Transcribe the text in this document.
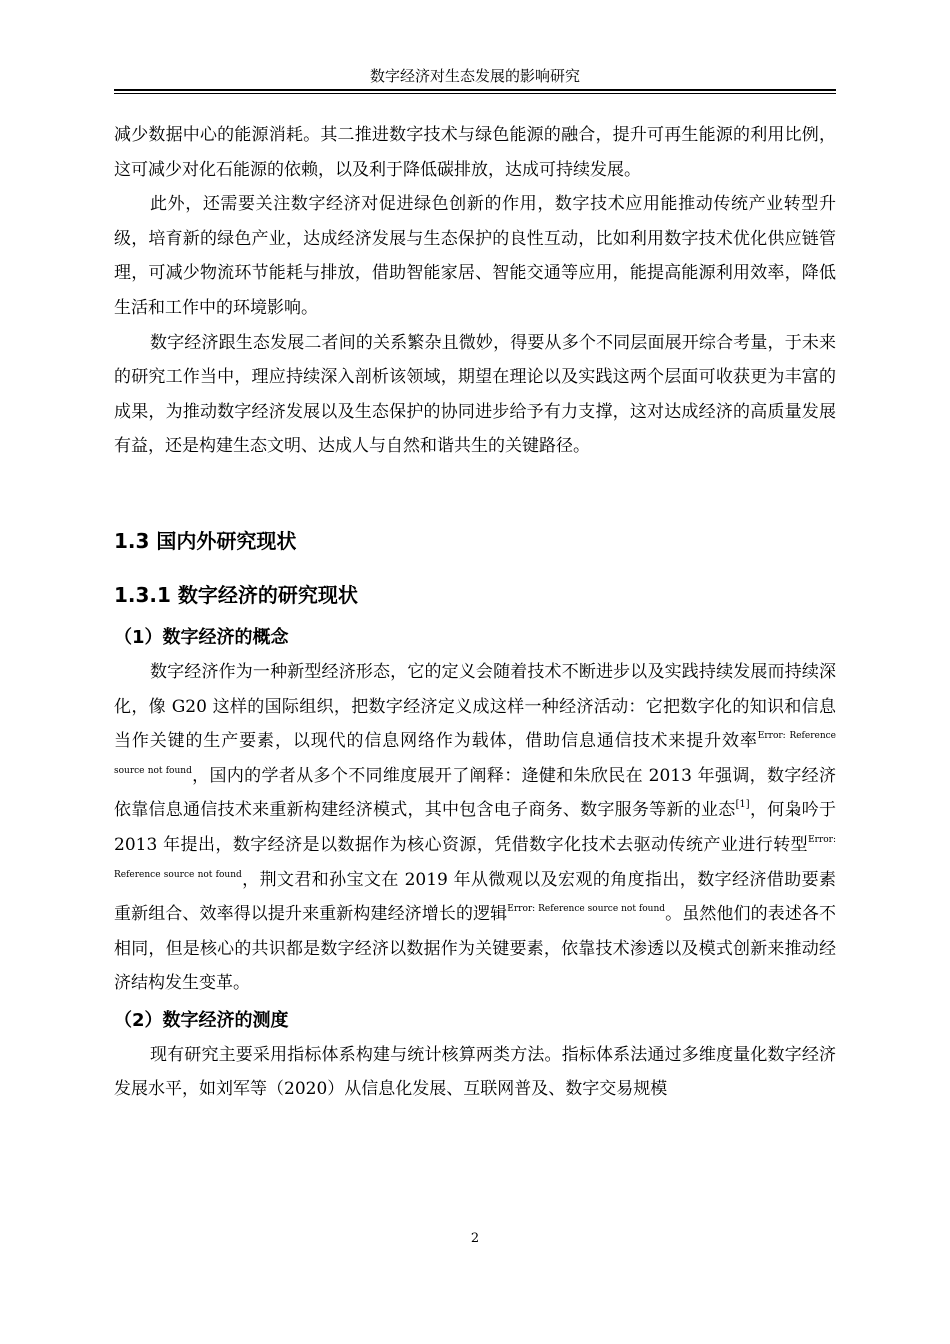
数字经济对生态发展的影响研究

减少数据中心的能源消耗。其二推进数字技术与绿色能源的融合，提升可再生能源的利用比例，这可减少对化石能源的依赖，以及利于降低碳排放，达成可持续发展。

此外，还需要关注数字经济对促进绿色创新的作用，数字技术应用能推动传统产业转型升级，培育新的绿色产业，达成经济发展与生态保护的良性互动，比如利用数字技术优化供应链管理，可减少物流环节能耗与排放，借助智能家居、智能交通等应用，能提高能源利用效率，降低生活和工作中的环境影响。

数字经济跟生态发展二者间的关系繁杂且微妙，得要从多个不同层面展开综合考量，于未来的研究工作当中，理应持续深入剖析该领域，期望在理论以及实践这两个层面可收获更为丰富的成果，为推动数字经济发展以及生态保护的协同进步给予有力支撑，这对达成经济的高质量发展有益，还是构建生态文明、达成人与自然和谐共生的关键路径。

1.3 国内外研究现状
1.3.1 数字经济的研究现状
（1）数字经济的概念

数字经济作为一种新型经济形态，它的定义会随着技术不断进步以及实践持续发展而持续深化，像 G20 这样的国际组织，把数字经济定义成这样一种经济活动：它把数字化的知识和信息当作关键的生产要素，以现代的信息网络作为载体，借助信息通信技术来提升效率$^{Error: Reference source not found}$，国内的学者从多个不同维度展开了阐释：逄健和朱欣民在 2013 年强调，数字经济依靠信息通信技术来重新构建经济模式，其中包含电子商务、数字服务等新的业态[1]，何枭吟于 2013 年提出，数字经济是以数据作为核心资源，凭借数字化技术去驱动传统产业进行转型$^{Error: Reference source not found}$，荆文君和孙宝文在 2019 年从微观以及宏观的角度指出，数字经济借助要素重新组合、效率得以提升来重新构建经济增长的逻辑$^{Error: Reference source not found}$。虽然他们的表述各不相同，但是核心的共识都是数字经济以数据作为关键要素，依靠技术渗透以及模式创新来推动经济结构发生变革。

（2）数字经济的测度

现有研究主要采用指标体系构建与统计核算两类方法。指标体系法通过多维度量化数字经济发展水平，如刘军等（2020）从信息化发展、互联网普及、数字交易规模

2
